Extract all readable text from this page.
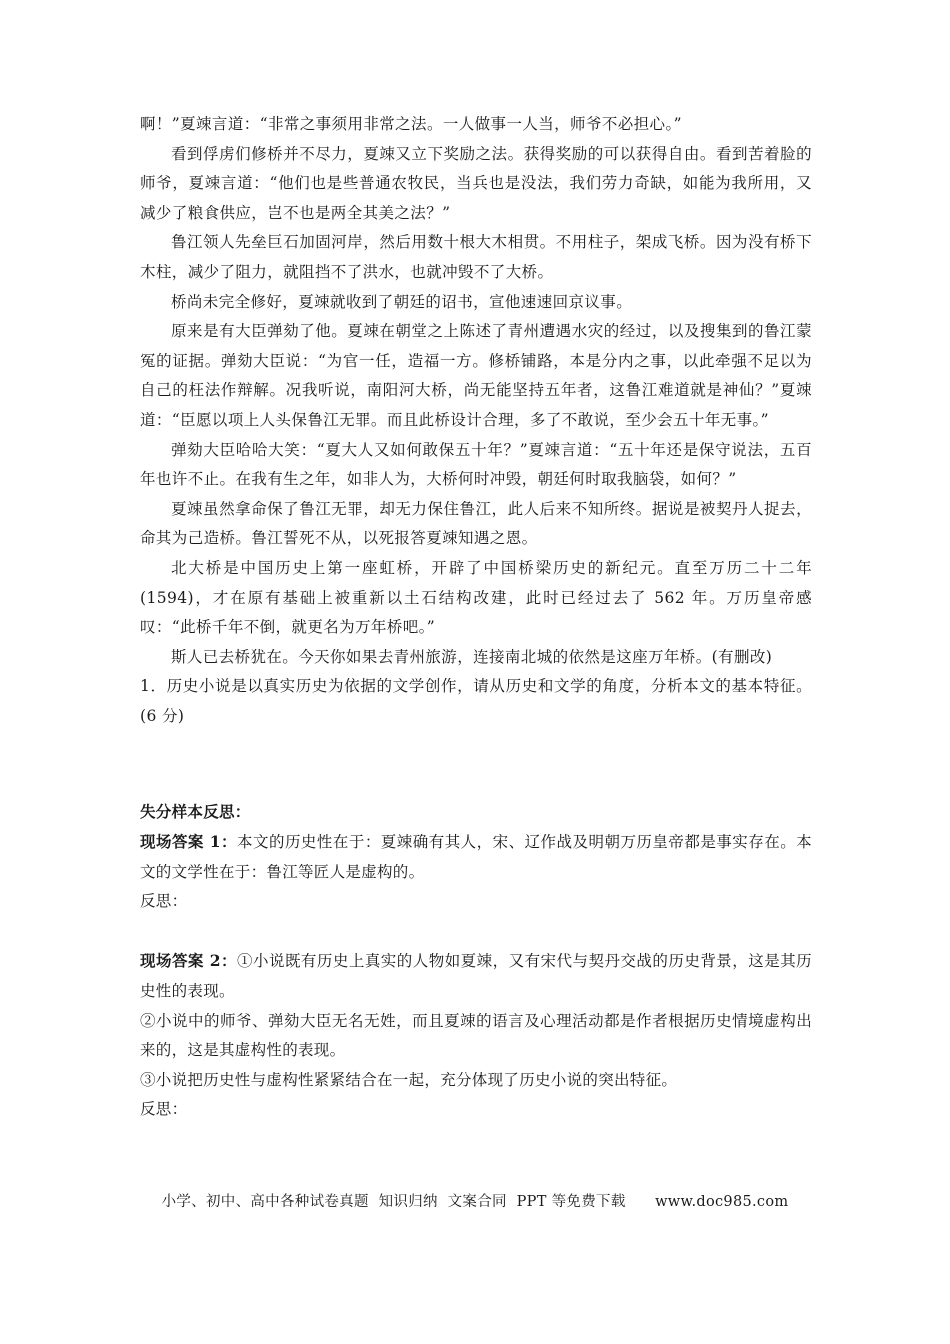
啊！”夏竦言道：“非常之事须用非常之法。一人做事一人当，师爷不必担心。”

看到俘虏们修桥并不尽力，夏竦又立下奖励之法。获得奖励的可以获得自由。看到苦着脸的师爷，夏竦言道：“他们也是些普通农牧民，当兵也是没法，我们劳力奇缺，如能为我所用，又减少了粮食供应，岂不也是两全其美之法？”

鲁江领人先垒巨石加固河岸，然后用数十根大木相贯。不用柱子，架成飞桥。因为没有桥下木柱，减少了阻力，就阻挡不了洪水，也就冲毁不了大桥。

桥尚未完全修好，夏竦就收到了朝廷的诏书，宣他速速回京议事。

原来是有大臣弹劾了他。夏竦在朝堂之上陈述了青州遭遇水灾的经过，以及搜集到的鲁江蒙冤的证据。弹劾大臣说：“为官一任，造福一方。修桥铺路，本是分内之事，以此牵强不足以为自己的枉法作辩解。况我听说，南阳河大桥，尚无能坚持五年者，这鲁江难道就是神仙？”夏竦道：“臣愿以项上人头保鲁江无罪。而且此桥设计合理，多了不敢说，至少会五十年无事。”

弹劾大臣哈哈大笑：“夏大人又如何敢保五十年？”夏竦言道：“五十年还是保守说法，五百年也许不止。在我有生之年，如非人为，大桥何时冲毁，朝廷何时取我脑袋，如何？”

夏竦虽然拿命保了鲁江无罪，却无力保住鲁江，此人后来不知所终。据说是被契丹人捉去，命其为己造桥。鲁江誓死不从，以死报答夏竦知遇之恩。

北大桥是中国历史上第一座虹桥，开辟了中国桥梁历史的新纪元。直至万历二十二年(1594)，才在原有基础上被重新以土石结构改建，此时已经过去了 562 年。万历皇帝感叹：“此桥千年不倒，就更名为万年桥吧。”

斯人已去桥犹在。今天你如果去青州旅游，连接南北城的依然是这座万年桥。(有删改)

1．历史小说是以真实历史为依据的文学创作，请从历史和文学的角度，分析本文的基本特征。(6 分)

失分样本反思：

现场答案 1：本文的历史性在于：夏竦确有其人，宋、辽作战及明朝万历皇帝都是事实存在。本文的文学性在于：鲁江等匠人是虚构的。

反思：

现场答案 2：①小说既有历史上真实的人物如夏竦，又有宋代与契丹交战的历史背景，这是其历史性的表现。

②小说中的师爷、弹劾大臣无名无姓，而且夏竦的语言及心理活动都是作者根据历史情境虚构出来的，这是其虚构性的表现。

③小说把历史性与虚构性紧紧结合在一起，充分体现了历史小说的突出特征。

反思：

小学、初中、高中各种试卷真题  知识归纳  文案合同  PPT 等免费下载      www.doc985.com
